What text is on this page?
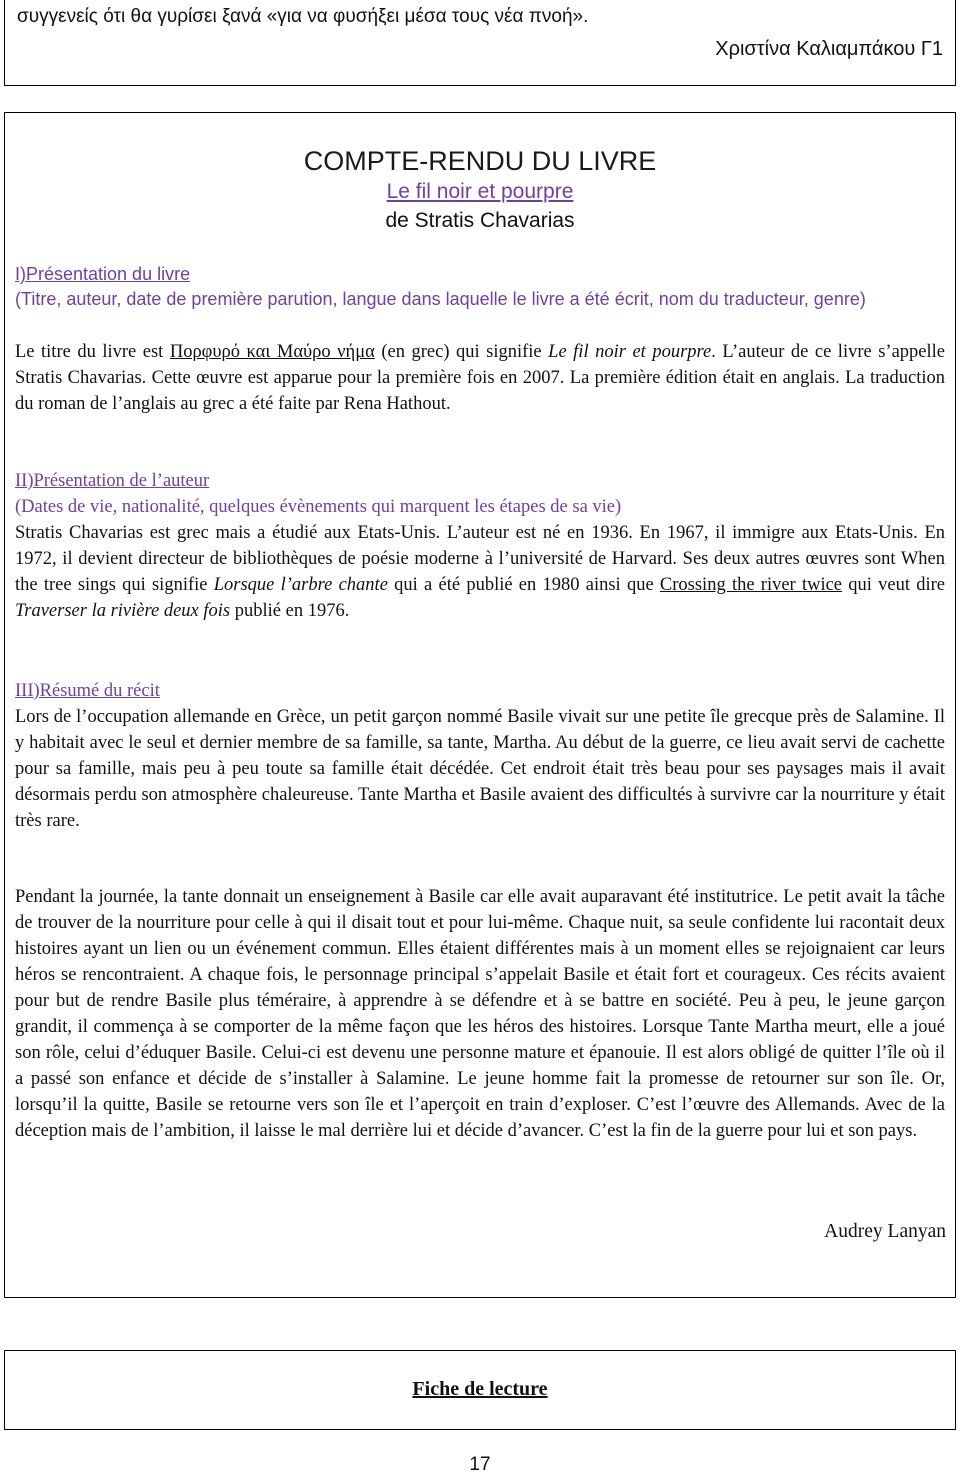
συγγενείς ότι θα γυρίσει ξανά «για να φυσήξει μέσα τους νέα πνοή».
Χριστίνα Καλιαμπάκου Γ1
COMPTE-RENDU DU LIVRE
Le fil noir et pourpre
de Stratis Chavarias
I)Présentation du livre
(Titre, auteur, date de première parution, langue dans laquelle le livre a été écrit, nom du traducteur, genre)

Le titre du livre est Πορφυρό και Μαύρο νήμα (en grec) qui signifie Le fil noir et pourpre. L’auteur de ce livre s’appelle Stratis Chavarias. Cette œuvre est apparue pour la première fois en 2007. La première édition était en anglais. La traduction du roman de l’anglais au grec a été faite par Rena Hathout.

II)Présentation de l’auteur

(Dates de vie, nationalité, quelques évènements qui marquent les étapes de sa vie)

Stratis Chavarias est grec mais a étudié aux Etats-Unis. L’auteur est né en 1936. En 1967, il immigre aux Etats-Unis. En 1972, il devient directeur de bibliothèques de poésie moderne à l’université de Harvard. Ses deux autres œuvres sont When the tree sings qui signifie Lorsque l’arbre chante qui a été publié en 1980 ainsi que Crossing the river twice qui veut dire Traverser la rivière deux fois publié en 1976.

III)Résumé du récit

Lors de l’occupation allemande en Grèce, un petit garçon nommé Basile vivait sur une petite île grecque près de Salamine. Il y habitait avec le seul et dernier membre de sa famille, sa tante, Martha. Au début de la guerre, ce lieu avait servi de cachette pour sa famille, mais peu à peu toute sa famille était décédée. Cet endroit était très beau pour ses paysages mais il avait désormais perdu son atmosphère chaleureuse. Tante Martha et Basile avaient des difficultés à survivre car la nourriture y était très rare.

Pendant la journée, la tante donnait un enseignement à Basile car elle avait auparavant été institutrice. Le petit avait la tâche de trouver de la nourriture pour celle à qui il disait tout et pour lui-même. Chaque nuit, sa seule confidente lui racontait deux histoires ayant un lien ou un événement commun. Elles étaient différentes mais à un moment elles se rejoignaient car leurs héros se rencontraient. A chaque fois, le personnage principal s’appelait Basile et était fort et courageux. Ces récits avaient pour but de rendre Basile plus téméraire, à apprendre à se défendre et à se battre en société. Peu à peu, le jeune garçon grandit, il commença à se comporter de la même façon que les héros des histoires. Lorsque Tante Martha meurt, elle a joué son rôle, celui d’éduquer Basile. Celui-ci est devenu une personne mature et épanouie. Il est alors obligé de quitter l’île où il a passé son enfance et décide de s’installer à Salamine. Le jeune homme fait la promesse de retourner sur son île. Or, lorsqu’il la quitte, Basile se retourne vers son île et l’aperçoit en train d’exploser. C’est l’œuvre des Allemands. Avec de la déception mais de l’ambition, il laisse le mal derrière lui et décide d’avancer. C’est la fin de la guerre pour lui et son pays.

Audrey Lanyan
Fiche de lecture
17
